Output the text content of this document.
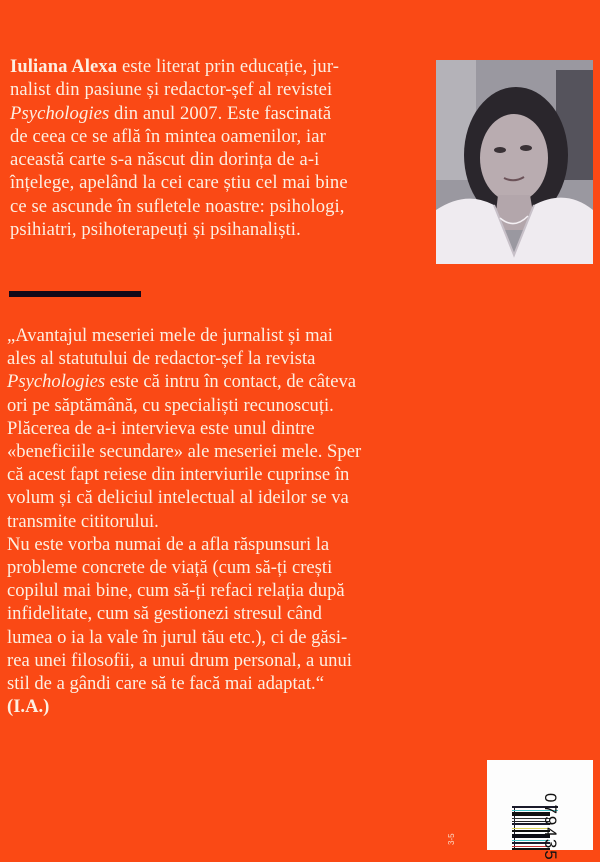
Iuliana Alexa este literat prin educație, jur-
nalist din pasiune și redactor-șef al revistei
Psychologies din anul 2007. Este fascinată
de ceea ce se află în mintea oamenilor, iar
această carte s-a născut din dorința de a-i
înțelege, apelând la cei care știu cel mai bine
ce se ascunde în sufletele noastre: psihologi,
psihiatri, psihoterapeuți și psihanaliști.
„Avantajul meseriei mele de jurnalist și mai
ales al statutului de redactor-șef la revista
Psychologies este că intru în contact, de câteva
ori pe săptămână, cu specialiști recunoscuți.
Plăcerea de a-i intervieva este unul dintre
«beneficiile secundare» ale meseriei mele. Sper
că acest fapt reiese din interviurile cuprinse în
volum și că deliciul intelectual al ideilor se va
transmite cititorului.
Nu este vorba numai de a afla răspunsuri la
probleme concrete de viață (cum să-ți crești
copilul mai bine, cum să-ți refaci relația după
infidelitate, cum să gestionezi stresul când
lumea o ia la vale în jurul tău etc.), ci de găsi-
rea unei filosofii, a unui drum personal, a unui
stil de a gândi care să te facă mai adaptat.“
(I.A.)
3-5	079435
